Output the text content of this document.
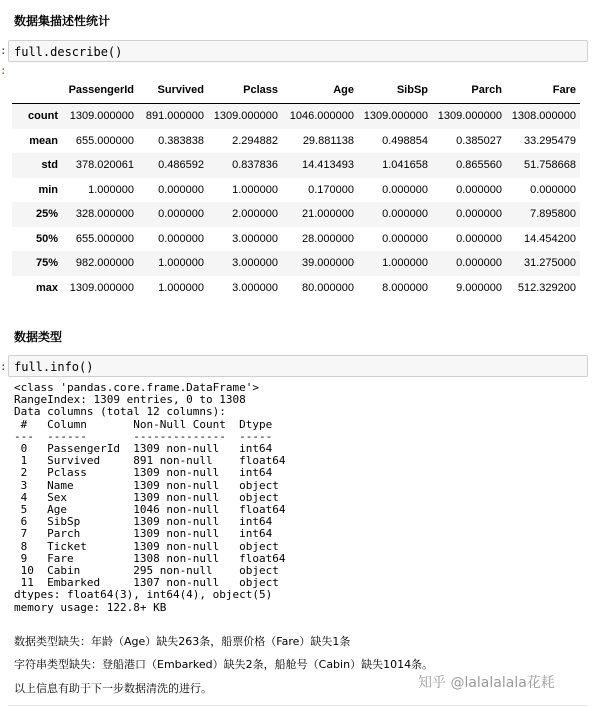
数据集描述性统计
: full.describe()
:
	PassengerId	Survived	Pclass	Age	SibSp	Parch	Fare
count	1309.000000	891.000000	1309.000000	1046.000000	1309.000000	1309.000000	1308.000000
mean	655.000000	0.383838	2.294882	29.881138	0.498854	0.385027	33.295479
std	378.020061	0.486592	0.837836	14.413493	1.041658	0.865560	51.758668
min	1.000000	0.000000	1.000000	0.170000	0.000000	0.000000	0.000000
25%	328.000000	0.000000	2.000000	21.000000	0.000000	0.000000	7.895800
50%	655.000000	0.000000	3.000000	28.000000	0.000000	0.000000	14.454200
75%	982.000000	1.000000	3.000000	39.000000	1.000000	0.000000	31.275000
max	1309.000000	1.000000	3.000000	80.000000	8.000000	9.000000	512.329200
数据类型
: full.info()
<class 'pandas.core.frame.DataFrame'>
RangeIndex: 1309 entries, 0 to 1308
Data columns (total 12 columns):
#   Column       Non-Null Count  Dtype
---  ------       --------------  -----
0   PassengerId  1309 non-null   int64
1   Survived     891 non-null    float64
2   Pclass       1309 non-null   int64
3   Name         1309 non-null   object
4   Sex          1309 non-null   object
5   Age          1046 non-null   float64
6   SibSp        1309 non-null   int64
7   Parch        1309 non-null   int64
8   Ticket       1309 non-null   object
9   Fare         1308 non-null   float64
10  Cabin        295 non-null    object
11  Embarked     1307 non-null   object
dtypes: float64(3), int64(4), object(5)
memory usage: 122.8+ KB
数据类型缺失：年龄（Age）缺失263条，船票价格（Fare）缺失1条
字符串类型缺失：登船港口（Embarked）缺失2条，船舱号（Cabin）缺失1014条。
以上信息有助于下一步数据清洗的进行。	知乎 @lalalalala花耗
